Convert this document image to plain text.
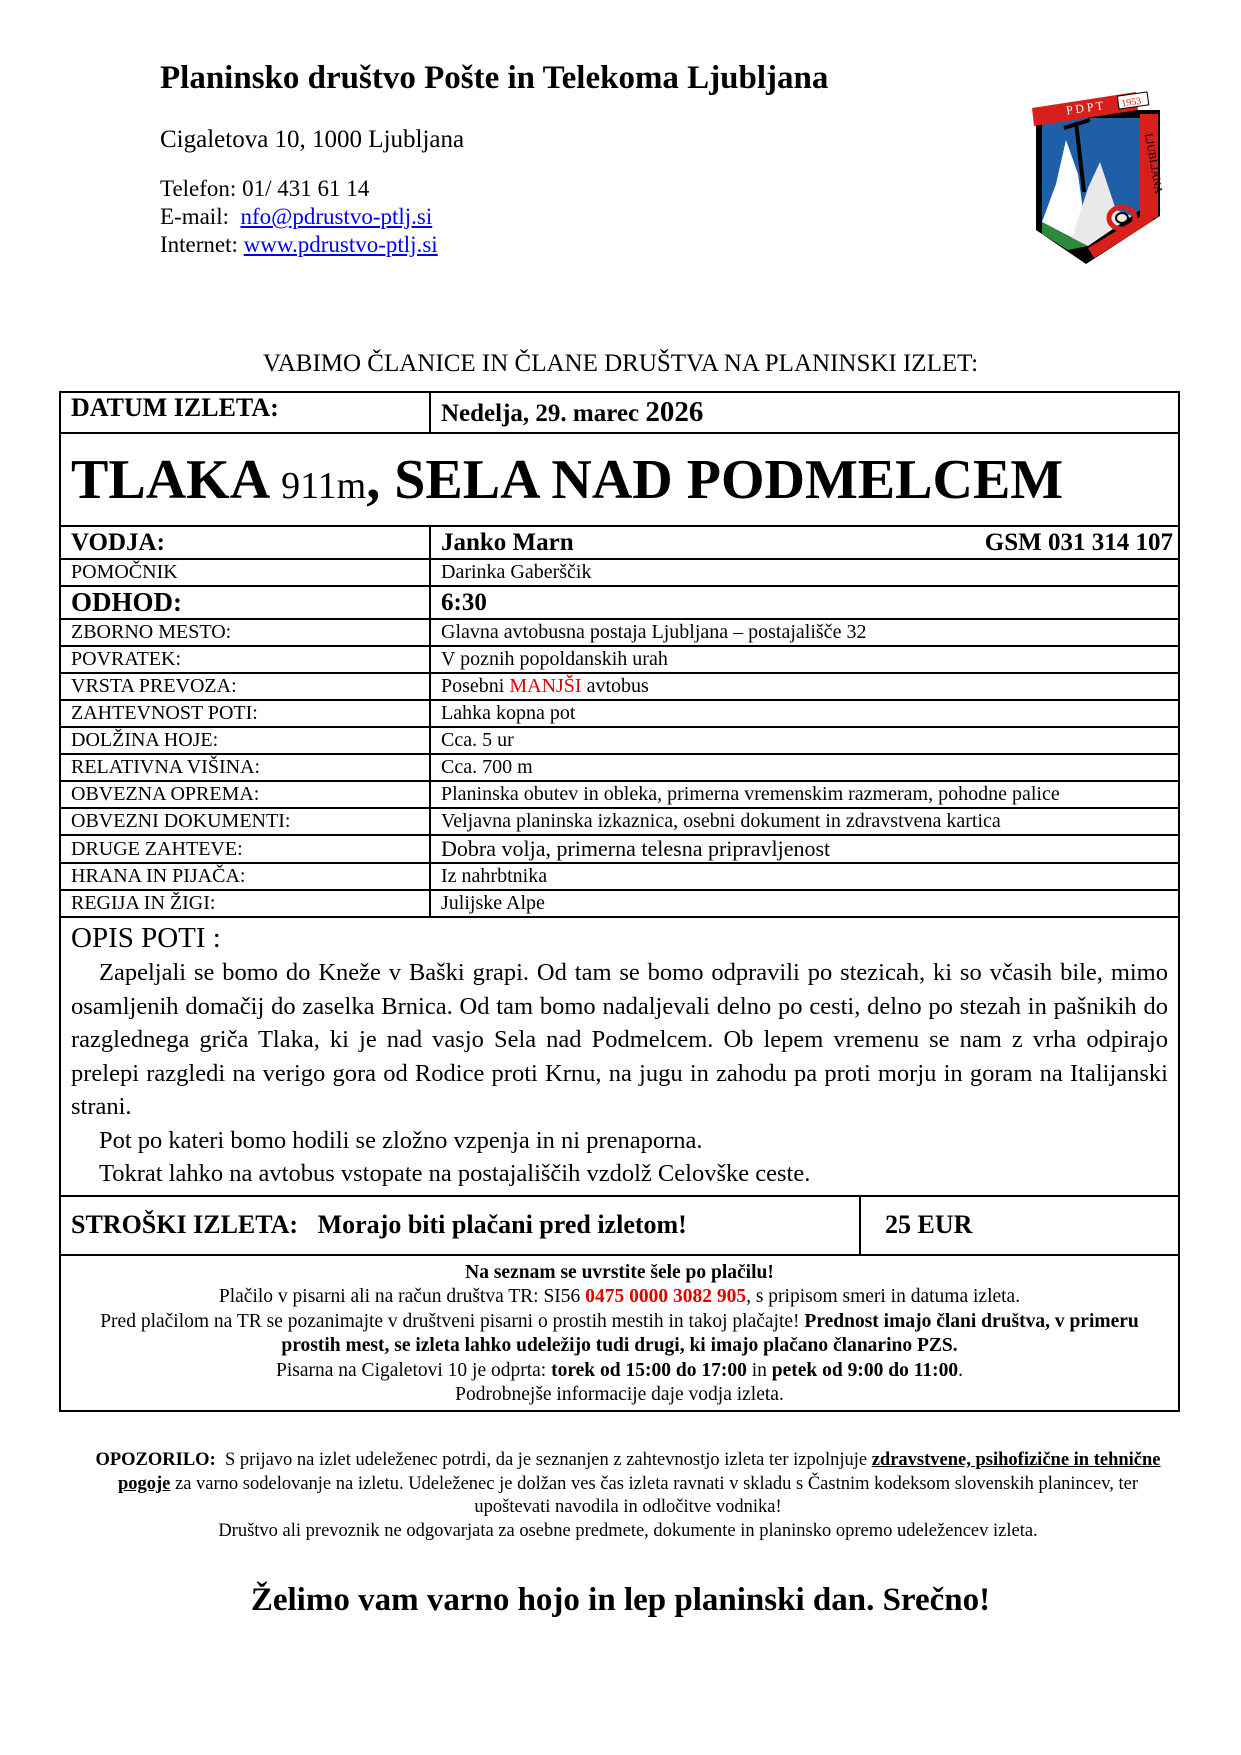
Planinsko društvo Pošte in Telekoma Ljubljana
Cigaletova 10, 1000 Ljubljana
Telefon: 01/ 431 61 14
E-mail: nfo@pdrustvo-ptlj.si
Internet: www.pdrustvo-ptlj.si
P D P T 1953
LJUBLJANA
VABIMO ČLANICE IN ČLANE DRUŠTVA NA PLANINSKI IZLET:
DATUM IZLETA:	Nedelja, 29. marec 2026
TLAKA 911m, SELA NAD PODMELCEM	
VODJA:	Janko Marn GSM 031 314 107

POMOČNIK	Darinka Gaberščik
ODHOD:	6:30
ZBORNO MESTO:	Glavna avtobusna postaja Ljubljana – postajališče 32
POVRATEK:	V poznih popoldanskih urah
VRSTA PREVOZA:	Posebni MANJŠI avtobus
ZAHTEVNOST POTI:	Lahka kopna pot
DOLŽINA HOJE:	Cca. 5 ur
RELATIVNA VIŠINA:	Cca. 700 m
OBVEZNA OPREMA:	Planinska obutev in obleka, primerna vremenskim razmeram, pohodne palice
OBVEZNI DOKUMENTI:	Veljavna planinska izkaznica, osebni dokument in zdravstvena kartica
DRUGE ZAHTEVE:	Dobra volja, primerna telesna pripravljenost
HRANA IN PIJAČA:	Iz nahrbtnika
REGIJA IN ŽIGI:	Julijske Alpe

OPIS POTI :

Zapeljali se bomo do Kneže v Baški grapi. Od tam se bomo odpravili po stezicah, ki so včasih bile, mimo osamljenih domačij do zaselka Brnica. Od tam bomo nadaljevali delno po cesti, delno po stezah in pašnikih do razglednega griča Tlaka, ki je nad vasjo Sela nad Podmelcem. Ob lepem vremenu se nam z vrha odpirajo prelepi razgledi na verigo gora od Rodice proti Krnu, na jugu in zahodu pa proti morju in goram na Italijanski strani.

Pot po kateri bomo hodili se zložno vzpenja in ni prenaporna.

Tokrat lahko na avtobus vstopate na postajališčih vzdolž Celovške ceste.	

STROŠKI IZLETA: Morajo biti plačani pred izletom!	25 EUR

Na seznam se uvrstite šele po plačilu!

Plačilo v pisarni ali na račun društva TR: SI56 0475 0000 3082 905, s pripisom smeri in datuma izleta.

Pred plačilom na TR se pozanimajte v društveni pisarni o prostih mestih in takoj plačajte! Prednost imajo člani društva, v primeru prostih mest, se izleta lahko udeležijo tudi drugi, ki imajo plačano članarino PZS.

Pisarna na Cigaletovi 10 je odprta: torek od 15:00 do 17:00 in petek od 9:00 do 11:00.

Podrobnejše informacije daje vodja izleta.

OPOZORILO: S prijavo na izlet udeleženec potrdi, da je seznanjen z zahtevnostjo izleta ter izpolnjuje zdravstvene, psihofizične in tehnične pogoje za varno sodelovanje na izletu. Udeleženec je dolžan ves čas izleta ravnati v skladu s Častnim kodeksom slovenskih planincev, ter upoštevati navodila in odločitve vodnika!

Društvo ali prevoznik ne odgovarjata za osebne predmete, dokumente in planinsko opremo udeležencev izleta.

Želimo vam varno hojo in lep planinski dan. Srečno!
